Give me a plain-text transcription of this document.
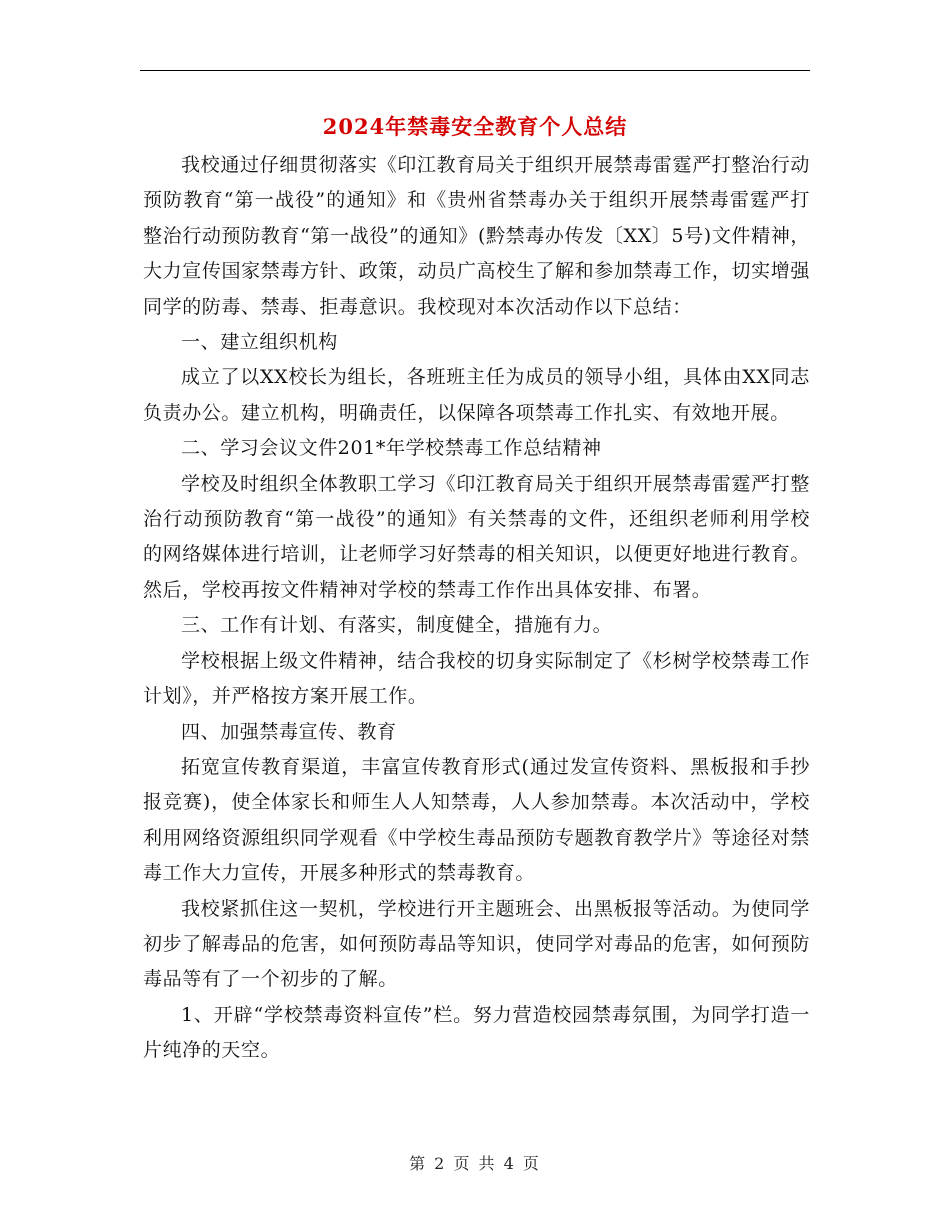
2024年禁毒安全教育个人总结

我校通过仔细贯彻落实《印江教育局关于组织开展禁毒雷霆严打整治行动预防教育“第一战役”的通知》和《贵州省禁毒办关于组织开展禁毒雷霆严打整治行动预防教育“第一战役”的通知》(黔禁毒办传发〔XX〕5号)文件精神，大力宣传国家禁毒方针、政策，动员广高校生了解和参加禁毒工作，切实增强同学的防毒、禁毒、拒毒意识。我校现对本次活动作以下总结：

一、建立组织机构

成立了以XX校长为组长，各班班主任为成员的领导小组，具体由XX同志负责办公。建立机构，明确责任，以保障各项禁毒工作扎实、有效地开展。

二、学习会议文件201*年学校禁毒工作总结精神

学校及时组织全体教职工学习《印江教育局关于组织开展禁毒雷霆严打整治行动预防教育“第一战役”的通知》有关禁毒的文件，还组织老师利用学校的网络媒体进行培训，让老师学习好禁毒的相关知识，以便更好地进行教育。然后，学校再按文件精神对学校的禁毒工作作出具体安排、布署。

三、工作有计划、有落实，制度健全，措施有力。

学校根据上级文件精神，结合我校的切身实际制定了《杉树学校禁毒工作计划》，并严格按方案开展工作。

四、加强禁毒宣传、教育

拓宽宣传教育渠道，丰富宣传教育形式(通过发宣传资料、黑板报和手抄报竞赛)，使全体家长和师生人人知禁毒，人人参加禁毒。本次活动中，学校利用网络资源组织同学观看《中学校生毒品预防专题教育教学片》等途径对禁毒工作大力宣传，开展多种形式的禁毒教育。

我校紧抓住这一契机，学校进行开主题班会、出黑板报等活动。为使同学初步了解毒品的危害，如何预防毒品等知识，使同学对毒品的危害，如何预防毒品等有了一个初步的了解。

1、开辟“学校禁毒资料宣传”栏。努力营造校园禁毒氛围，为同学打造一片纯净的天空。

第 2 页 共 4 页
